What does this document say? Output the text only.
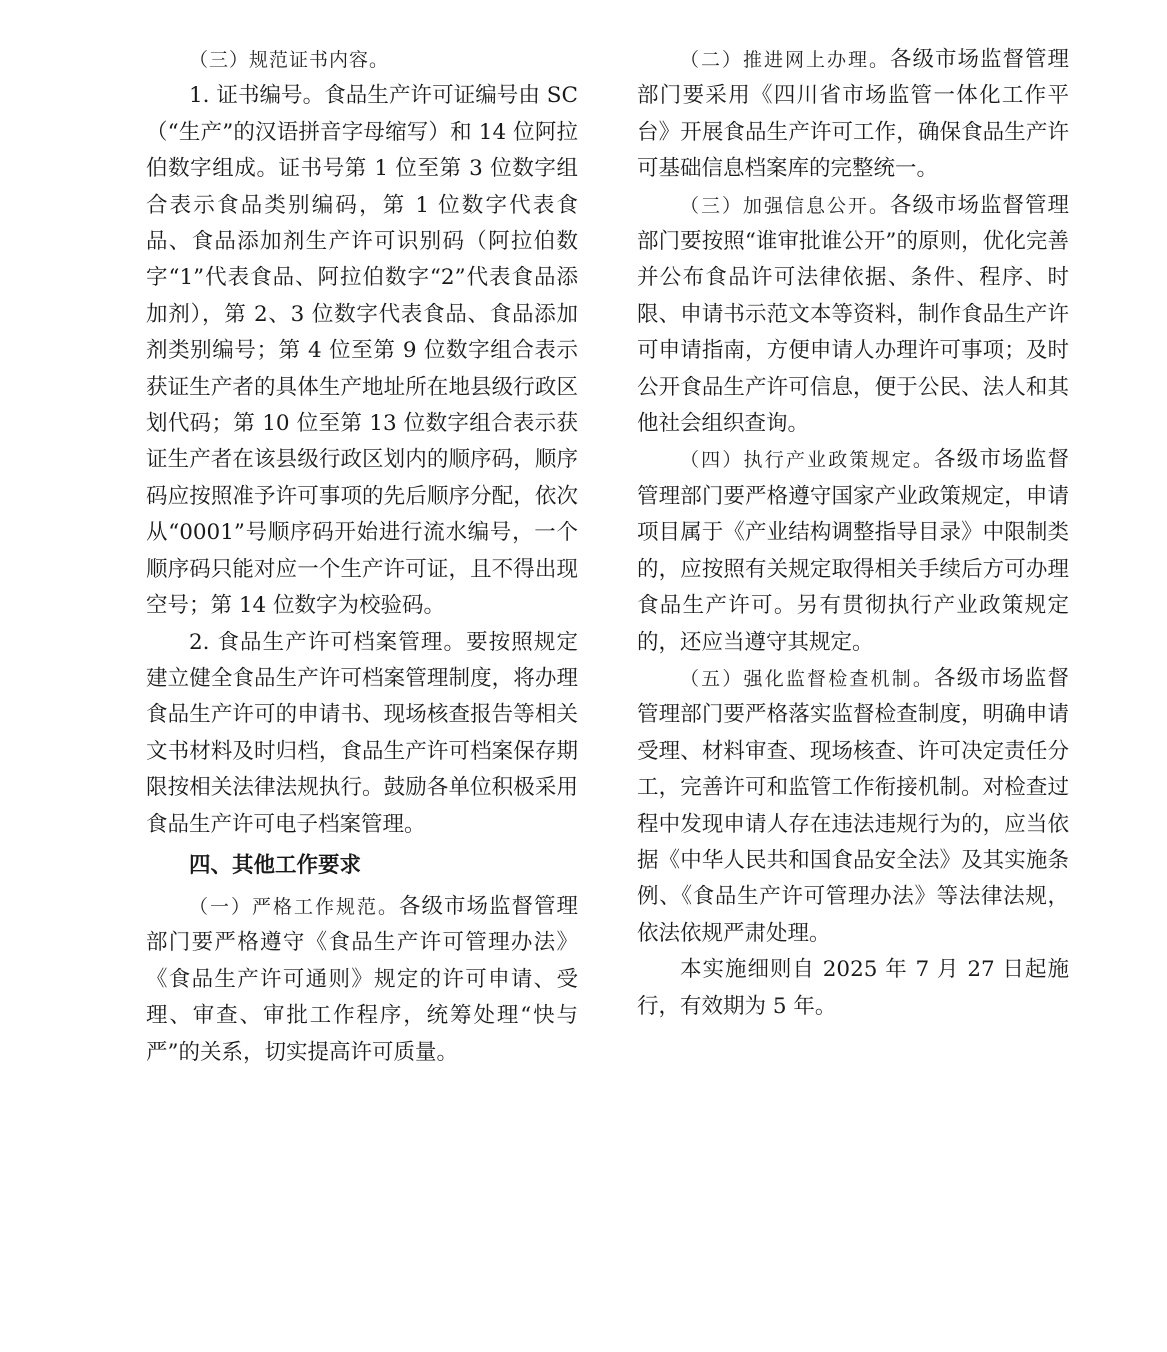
（三）规范证书内容。

1. 证书编号。食品生产许可证编号由 SC（“生产”的汉语拼音字母缩写）和 14 位阿拉伯数字组成。证书号第 1 位至第 3 位数字组合表示食品类别编码，第 1 位数字代表食品、食品添加剂生产许可识别码（阿拉伯数字“1”代表食品、阿拉伯数字“2”代表食品添加剂），第 2、3 位数字代表食品、食品添加剂类别编号；第 4 位至第 9 位数字组合表示获证生产者的具体生产地址所在地县级行政区划代码；第 10 位至第 13 位数字组合表示获证生产者在该县级行政区划内的顺序码，顺序码应按照准予许可事项的先后顺序分配，依次从“0001”号顺序码开始进行流水编号，一个顺序码只能对应一个生产许可证，且不得出现空号；第 14 位数字为校验码。

2. 食品生产许可档案管理。要按照规定建立健全食品生产许可档案管理制度，将办理食品生产许可的申请书、现场核查报告等相关文书材料及时归档，食品生产许可档案保存期限按相关法律法规执行。鼓励各单位积极采用食品生产许可电子档案管理。

四、其他工作要求

（一）严格工作规范。各级市场监督管理部门要严格遵守《食品生产许可管理办法》《食品生产许可通则》规定的许可申请、受理、审查、审批工作程序，统筹处理“快与严”的关系，切实提高许可质量。

（二）推进网上办理。各级市场监督管理部门要采用《四川省市场监管一体化工作平台》开展食品生产许可工作，确保食品生产许可基础信息档案库的完整统一。

（三）加强信息公开。各级市场监督管理部门要按照“谁审批谁公开”的原则，优化完善并公布食品许可法律依据、条件、程序、时限、申请书示范文本等资料，制作食品生产许可申请指南，方便申请人办理许可事项；及时公开食品生产许可信息，便于公民、法人和其他社会组织查询。

（四）执行产业政策规定。各级市场监督管理部门要严格遵守国家产业政策规定，申请项目属于《产业结构调整指导目录》中限制类的，应按照有关规定取得相关手续后方可办理食品生产许可。另有贯彻执行产业政策规定的，还应当遵守其规定。

（五）强化监督检查机制。各级市场监督管理部门要严格落实监督检查制度，明确申请受理、材料审查、现场核查、许可决定责任分工，完善许可和监管工作衔接机制。对检查过程中发现申请人存在违法违规行为的，应当依据《中华人民共和国食品安全法》及其实施条例、《食品生产许可管理办法》等法律法规，依法依规严肃处理。

本实施细则自 2025 年 7 月 27 日起施行，有效期为 5 年。
